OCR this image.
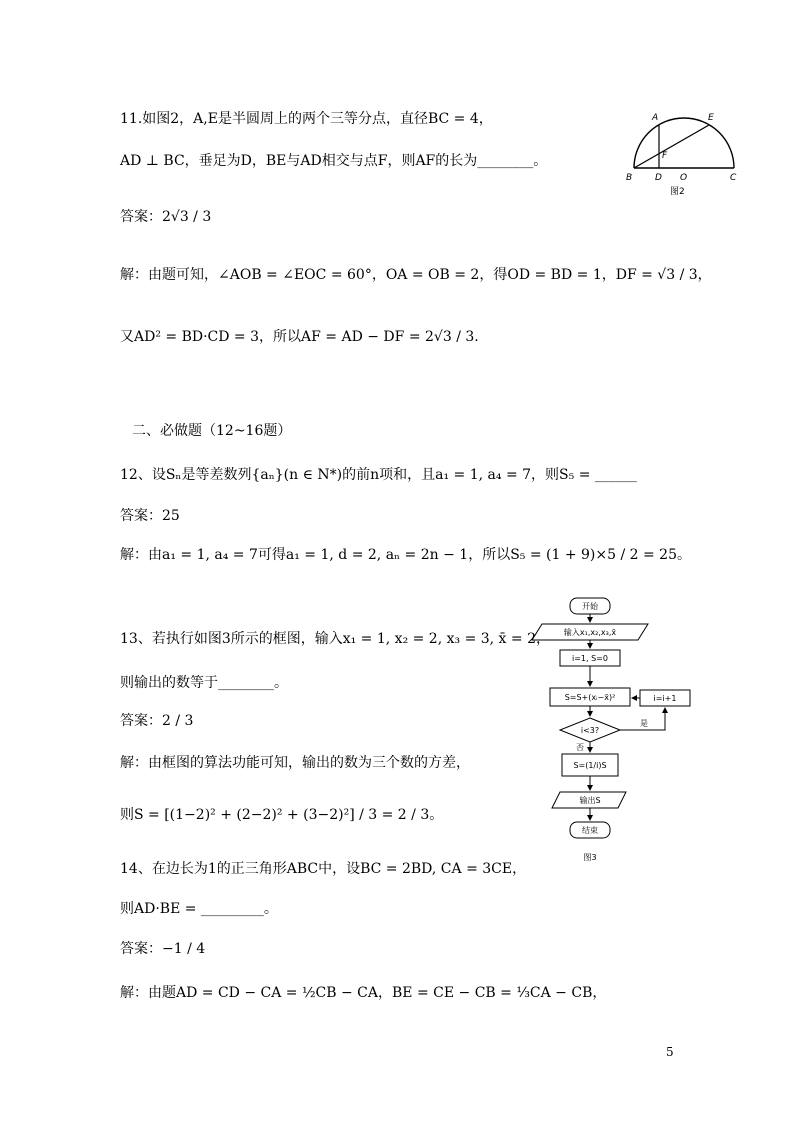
11.如图2，A,E是半圆周上的两个三等分点，直径BC = 4，
AD ⊥ BC，垂足为D，BE与AD相交与点F，则AF的长为________。
答案：2√3 / 3
解：由题可知，∠AOB = ∠EOC = 60°，OA = OB = 2，得OD = BD = 1，DF = √3 / 3，
又AD² = BD·CD = 3，所以AF = AD − DF = 2√3 / 3.
二、必做题（12~16题）
12、设Sₙ是等差数列{aₙ}(n ∈ N*)的前n项和，且a₁ = 1, a₄ = 7，则S₅ = ______
答案：25
解：由a₁ = 1, a₄ = 7可得a₁ = 1, d = 2, aₙ = 2n − 1，所以S₅ = (1 + 9)×5 / 2 = 25。
13、若执行如图3所示的框图，输入x₁ = 1, x₂ = 2, x₃ = 3, x̄ = 2，
则输出的数等于________。
答案：2 / 3
解：由框图的算法功能可知，输出的数为三个数的方差，
则S = [(1−2)² + (2−2)² + (3−2)²] / 3 = 2 / 3。
14、在边长为1的正三角形ABC中，设BC = 2BD, CA = 3CE，
则AD·BE = _________。
答案：−1 / 4
解：由题AD = CD − CA = ½CB − CA，BE = CE − CB = ⅓CA − CB，
A	E
B	D O	C
F
图2
开始
输入x₁,x₂,x₃,x̄
i=1, S=0
S=S+(xᵢ−x̄)²	i=i+1
i<3?
是
否
S=(1/i)S
输出S
结束
图3
5
